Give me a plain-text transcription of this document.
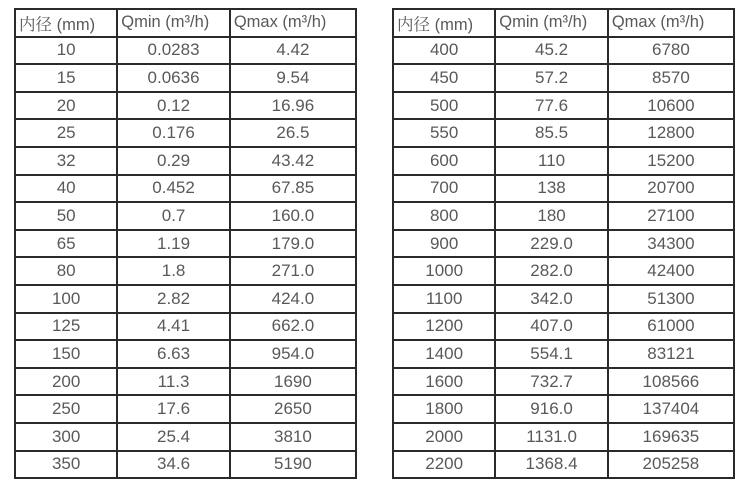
内径 (mm)	Qmin (m³/h)	Qmax (m³/h)
10	0.0283	4.42
15	0.0636	9.54
20	0.12	16.96
25	0.176	26.5
32	0.29	43.42
40	0.452	67.85
50	0.7	160.0
65	1.19	179.0
80	1.8	271.0
100	2.82	424.0
125	4.41	662.0
150	6.63	954.0
200	11.3	1690
250	17.6	2650
300	25.4	3810
350	34.6	5190
内径 (mm)	Qmin (m³/h)	Qmax (m³/h)
400	45.2	6780
450	57.2	8570
500	77.6	10600
550	85.5	12800
600	110	15200
700	138	20700
800	180	27100
900	229.0	34300
1000	282.0	42400
1100	342.0	51300
1200	407.0	61000
1400	554.1	83121
1600	732.7	108566
1800	916.0	137404
2000	1131.0	169635
2200	1368.4	205258
